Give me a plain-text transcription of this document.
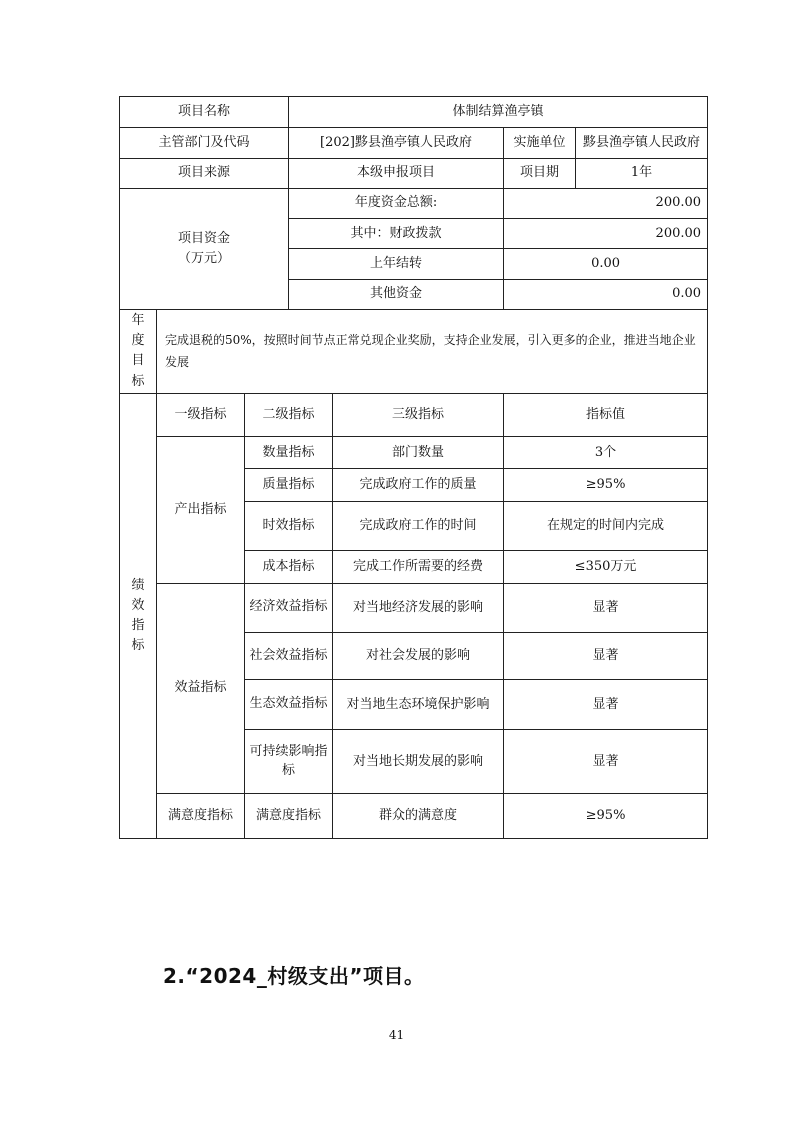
项目名称			体制结算渔亭镇			
主管部门及代码			[202]黟县渔亭镇人民政府		实施单位	黟县渔亭镇人民政府
项目来源			本级申报项目		项目期	1年

项目资金
（万元）			年度资金总额:		200.00	
			其中：财政拨款		200.00	
			上年结转		0.00	
			其他资金		0.00	

年
度
目
标	完成退税的50%，按照时间节点正常兑现企业奖励，支持企业发展，引入更多的企业，推进当地企业发展					

绩
效
指
标	一级指标	二级指标		三级指标	指标值	
	产出指标	数量指标		部门数量	3个	
		质量指标		完成政府工作的质量	≥95%	
		时效指标		完成政府工作的时间	在规定的时间内完成	
		成本指标		完成工作所需要的经费	≤350万元	
	效益指标	经济效益指标		对当地经济发展的影响	显著	
		社会效益指标		对社会发展的影响	显著	
		生态效益指标		对当地生态环境保护影响	显著	
		可持续影响指标		对当地长期发展的影响	显著	
	满意度指标	满意度指标		群众的满意度	≥95%	
2.“2024_村级支出”项目。
41
